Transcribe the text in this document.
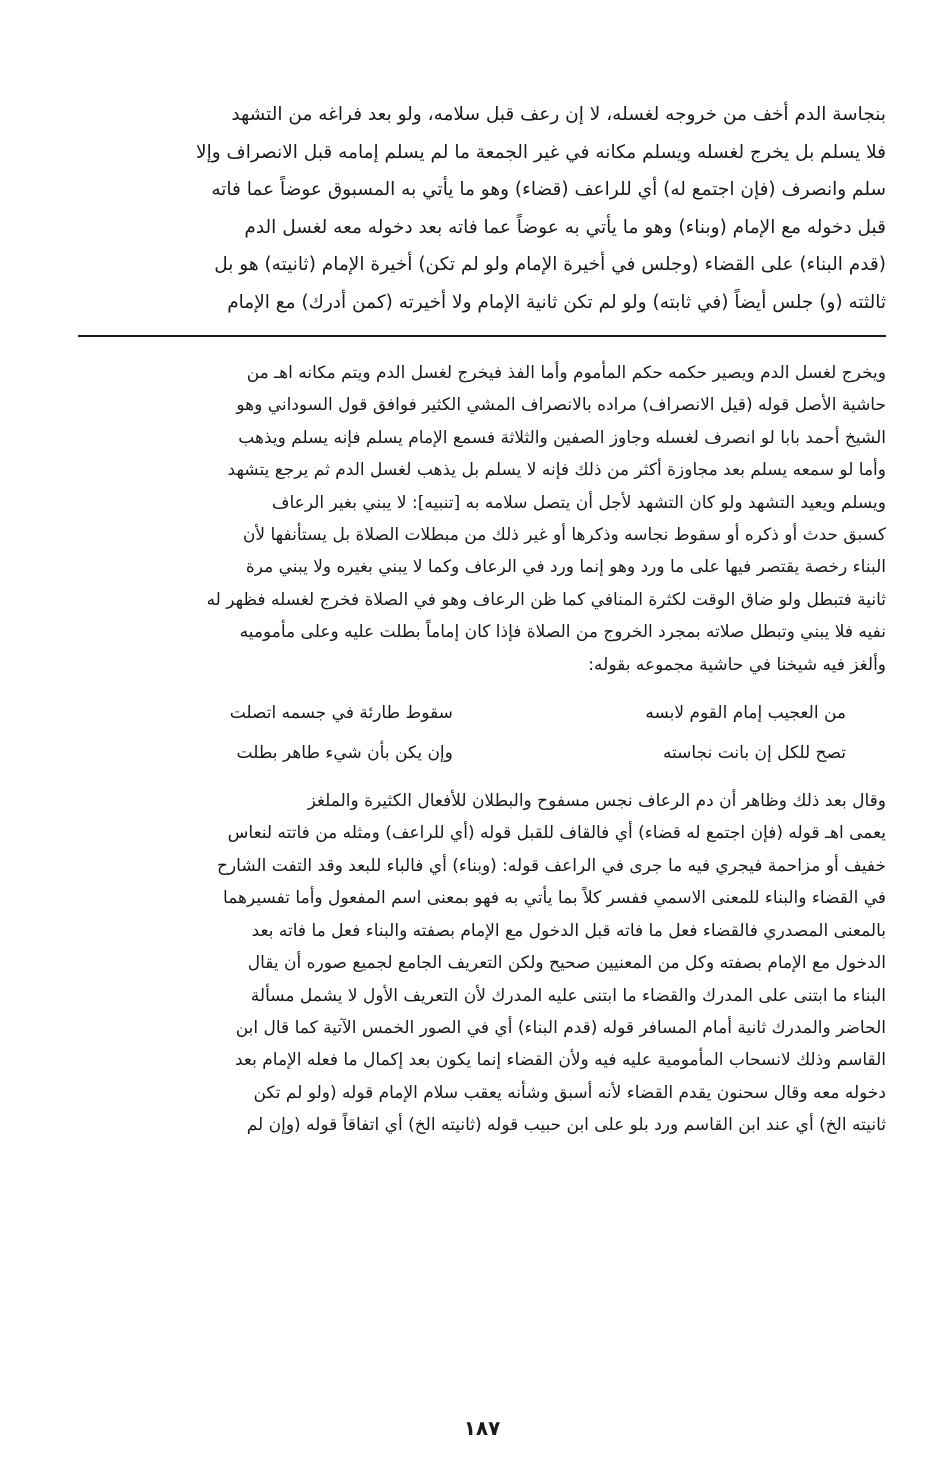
بنجاسة الدم أخف من خروجه لغسله، لا إن رعف قبل سلامه، ولو بعد فراغه من التشهد

فلا يسلم بل يخرج لغسله ويسلم مكانه في غير الجمعة ما لم يسلم إمامه قبل الانصراف وإلا

سلم وانصرف (فإن اجتمع له) أي للراعف (قضاء) وهو ما يأتي به المسبوق عوضاً عما فاته

قبل دخوله مع الإمام (وبناء) وهو ما يأتي به عوضاً عما فاته بعد دخوله معه لغسل الدم

(قدم البناء) على القضاء (وجلس في أخيرة الإمام ولو لم تكن) أخيرة الإمام (ثانيته) هو بل

ثالثته (و) جلس أيضاً (في ثابته) ولو لم تكن ثانية الإمام ولا أخيرته (كمن أدرك) مع الإمام

ويخرج لغسل الدم ويصير حكمه حكم المأموم وأما الفذ فيخرج لغسل الدم ويتم مكانه اهـ من

حاشية الأصل قوله (قيل الانصراف) مراده بالانصراف المشي الكثير فوافق قول السوداني وهو

الشيخ أحمد بابا لو انصرف لغسله وجاوز الصفين والثلاثة فسمع الإمام يسلم فإنه يسلم ويذهب

وأما لو سمعه يسلم بعد مجاوزة أكثر من ذلك فإنه لا يسلم بل يذهب لغسل الدم ثم يرجع يتشهد

ويسلم ويعيد التشهد ولو كان التشهد لأجل أن يتصل سلامه به [تنبيه]: لا يبني بغير الرعاف

كسبق حدث أو ذكره أو سقوط نجاسه وذكرها أو غير ذلك من مبطلات الصلاة بل يستأنفها لأن

البناء رخصة يقتصر فيها على ما ورد وهو إنما ورد في الرعاف وكما لا يبني بغيره ولا يبني مرة

ثانية فتبطل ولو ضاق الوقت لكثرة المنافي كما ظن الرعاف وهو في الصلاة فخرج لغسله فظهر له

نفيه فلا يبني وتبطل صلاته بمجرد الخروج من الصلاة فإذا كان إماماً بطلت عليه وعلى مأموميه

وألغز فيه شيخنا في حاشية مجموعه بقوله:

من العجيب إمام القوم لابسه
سقوط طارئة في جسمه اتصلت
تصح للكل إن بانت نجاسته
وإن يكن بأن شيء طاهر بطلت

وقال بعد ذلك وظاهر أن دم الرعاف نجس مسفوح والبطلان للأفعال الكثيرة والملغز

يعمى اهـ قوله (فإن اجتمع له قضاء) أي فالقاف للقبل قوله (أي للراعف) ومثله من فاتته لنعاس

خفيف أو مزاحمة فيجري فيه ما جرى في الراعف قوله: (وبناء) أي فالباء للبعد وقد التفت الشارح

في القضاء والبناء للمعنى الاسمي ففسر كلاً بما يأتي به فهو بمعنى اسم المفعول وأما تفسيرهما

بالمعنى المصدري فالقضاء فعل ما فاته قبل الدخول مع الإمام بصفته والبناء فعل ما فاته بعد

الدخول مع الإمام بصفته وكل من المعنيين صحيح ولكن التعريف الجامع لجميع صوره أن يقال

البناء ما ابتنى على المدرك والقضاء ما ابتنى عليه المدرك لأن التعريف الأول لا يشمل مسألة

الحاضر والمدرك ثانية أمام المسافر قوله (قدم البناء) أي في الصور الخمس الآتية كما قال ابن

القاسم وذلك لانسحاب المأمومية عليه فيه ولأن القضاء إنما يكون بعد إكمال ما فعله الإمام بعد

دخوله معه وقال سحنون يقدم القضاء لأنه أسبق وشأنه يعقب سلام الإمام قوله (ولو لم تكن

ثانيته الخ) أي عند ابن القاسم ورد بلو على ابن حبيب قوله (ثانيته الخ) أي اتفاقاً قوله (وإن لم

١٨٧
